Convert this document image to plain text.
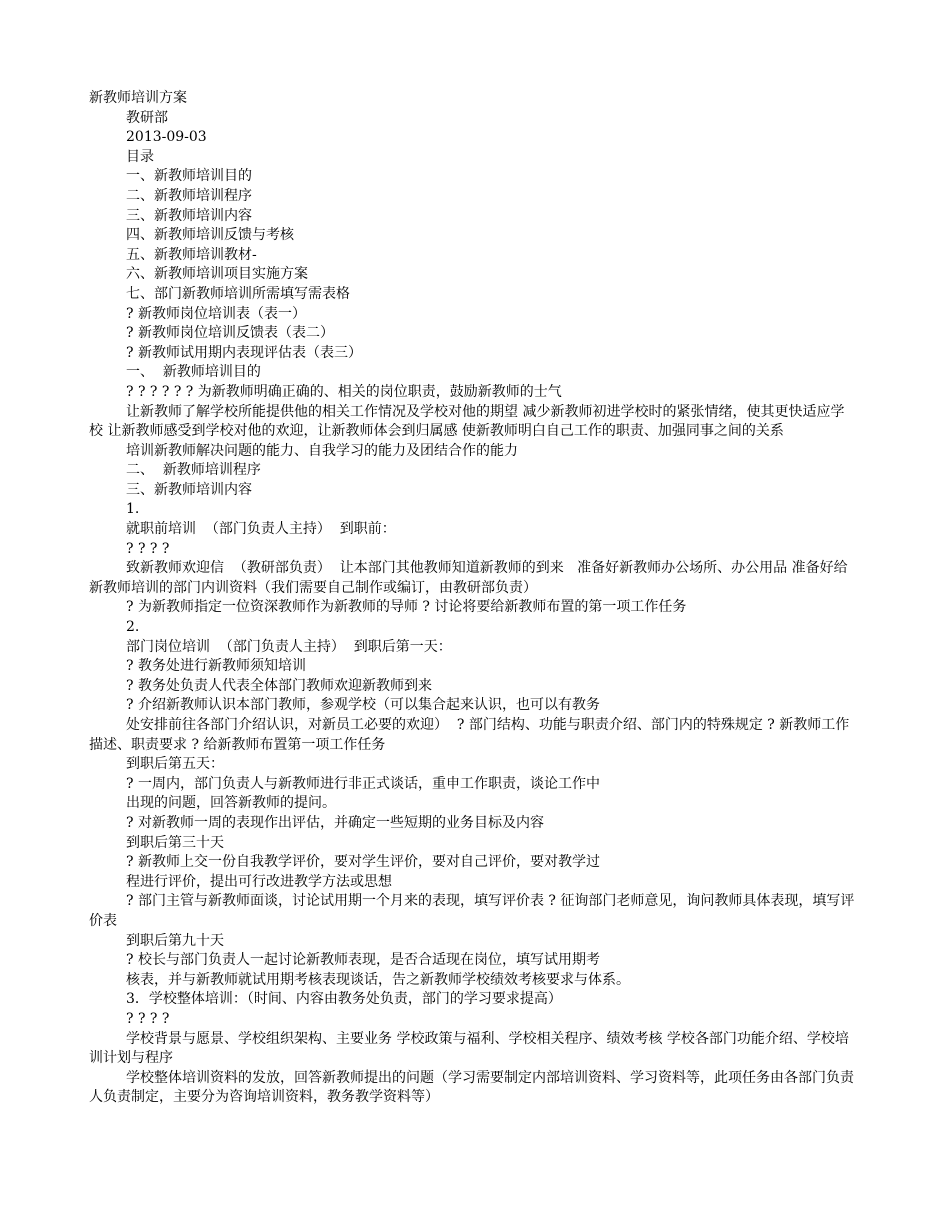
新教师培训方案

教研部

2013-09-03

目录

一、新教师培训目的

二、新教师培训程序

三、新教师培训内容

四、新教师培训反馈与考核

五、新教师培训教材-

六、新教师培训项目实施方案

七、部门新教师培训所需填写需表格

? 新教师岗位培训表（表一）

? 新教师岗位培训反馈表（表二）

? 新教师试用期内表现评估表（表三）

一、  新教师培训目的

? ? ? ? ? ? 为新教师明确正确的、相关的岗位职责，鼓励新教师的士气

让新教师了解学校所能提供他的相关工作情况及学校对他的期望 减少新教师初进学校时的紧张情绪，使其更快适应学校 让新教师感受到学校对他的欢迎，让新教师体会到归属感 使新教师明白自己工作的职责、加强同事之间的关系

培训新教师解决问题的能力、自我学习的能力及团结合作的能力

二、  新教师培训程序

三、新教师培训内容

1.

就职前培训  （部门负责人主持）  到职前：

? ? ? ?

致新教师欢迎信  （教研部负责）  让本部门其他教师知道新教师的到来   准备好新教师办公场所、办公用品 准备好给新教师培训的部门内训资料（我们需要自己制作或编订，由教研部负责）

? 为新教师指定一位资深教师作为新教师的导师 ? 讨论将要给新教师布置的第一项工作任务

2.

部门岗位培训  （部门负责人主持）  到职后第一天：

? 教务处进行新教师须知培训

? 教务处负责人代表全体部门教师欢迎新教师到来

? 介绍新教师认识本部门教师，参观学校（可以集合起来认识，也可以有教务

处安排前往各部门介绍认识，对新员工必要的欢迎）  ? 部门结构、功能与职责介绍、部门内的特殊规定 ? 新教师工作描述、职责要求 ? 给新教师布置第一项工作任务

到职后第五天：

? 一周内，部门负责人与新教师进行非正式谈话，重申工作职责，谈论工作中

出现的问题，回答新教师的提问。

? 对新教师一周的表现作出评估，并确定一些短期的业务目标及内容

到职后第三十天

? 新教师上交一份自我教学评价，要对学生评价，要对自己评价，要对教学过

程进行评价，提出可行改进教学方法或思想

? 部门主管与新教师面谈，讨论试用期一个月来的表现，填写评价表 ? 征询部门老师意见，询问教师具体表现，填写评价表

到职后第九十天

? 校长与部门负责人一起讨论新教师表现，是否合适现在岗位，填写试用期考

核表，并与新教师就试用期考核表现谈话，告之新教师学校绩效考核要求与体系。

3．学校整体培训：（时间、内容由教务处负责，部门的学习要求提高）

? ? ? ?

学校背景与愿景、学校组织架构、主要业务 学校政策与福利、学校相关程序、绩效考核 学校各部门功能介绍、学校培训计划与程序

学校整体培训资料的发放，回答新教师提出的问题（学习需要制定内部培训资料、学习资料等，此项任务由各部门负责人负责制定，主要分为咨询培训资料，教务教学资料等）
